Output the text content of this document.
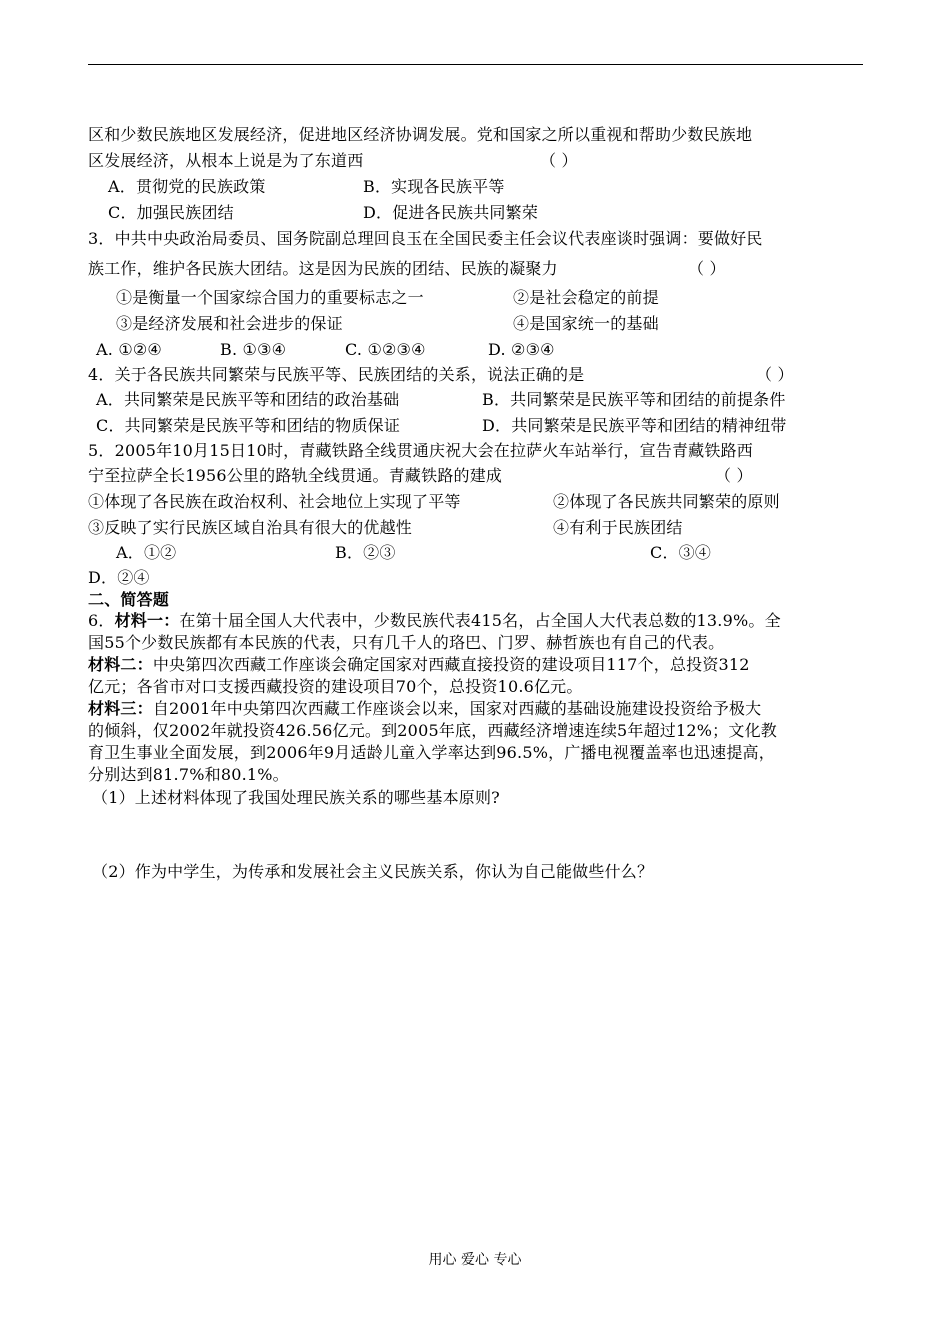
区和少数民族地区发展经济，促进地区经济协调发展。党和国家之所以重视和帮助少数民族地
区发展经济，从根本上说是为了东道西	（ ）
A．贯彻党的民族政策	B．实现各民族平等
C．加强民族团结	D．促进各民族共同繁荣
3．中共中央政治局委员、国务院副总理回良玉在全国民委主任会议代表座谈时强调：要做好民
族工作，维护各民族大团结。这是因为民族的团结、民族的凝聚力	（ ）
①是衡量一个国家综合国力的重要标志之一	②是社会稳定的前提
③是经济发展和社会进步的保证	④是国家统一的基础
A. ①②④	B. ①③④	C. ①②③④	D. ②③④
4．关于各民族共同繁荣与民族平等、民族团结的关系，说法正确的是	（ ）
A．共同繁荣是民族平等和团结的政治基础	B．共同繁荣是民族平等和团结的前提条件
C．共同繁荣是民族平等和团结的物质保证	D．共同繁荣是民族平等和团结的精神纽带
5．2005年10月15日10时，青藏铁路全线贯通庆祝大会在拉萨火车站举行，宣告青藏铁路西
宁至拉萨全长1956公里的路轨全线贯通。青藏铁路的建成	（ ）
①体现了各民族在政治权利、社会地位上实现了平等	②体现了各民族共同繁荣的原则
③反映了实行民族区域自治具有很大的优越性	④有利于民族团结
A．①②	B．②③	C．③④
D．②④
二、简答题
6．材料一：在第十届全国人大代表中，少数民族代表415名，占全国人大代表总数的13.9%。全
国55个少数民族都有本民族的代表，只有几千人的珞巴、门罗、赫哲族也有自己的代表。
材料二：中央第四次西藏工作座谈会确定国家对西藏直接投资的建设项目117个，总投资312
亿元；各省市对口支援西藏投资的建设项目70个，总投资10.6亿元。
材料三：自2001年中央第四次西藏工作座谈会以来，国家对西藏的基础设施建设投资给予极大
的倾斜，仅2002年就投资426.56亿元。到2005年底，西藏经济增速连续5年超过12%；文化教
育卫生事业全面发展，到2006年9月适龄儿童入学率达到96.5%，广播电视覆盖率也迅速提高，
分别达到81.7%和80.1%。
（1）上述材料体现了我国处理民族关系的哪些基本原则?
（2）作为中学生，为传承和发展社会主义民族关系，你认为自己能做些什么？
用心 爱心 专心
